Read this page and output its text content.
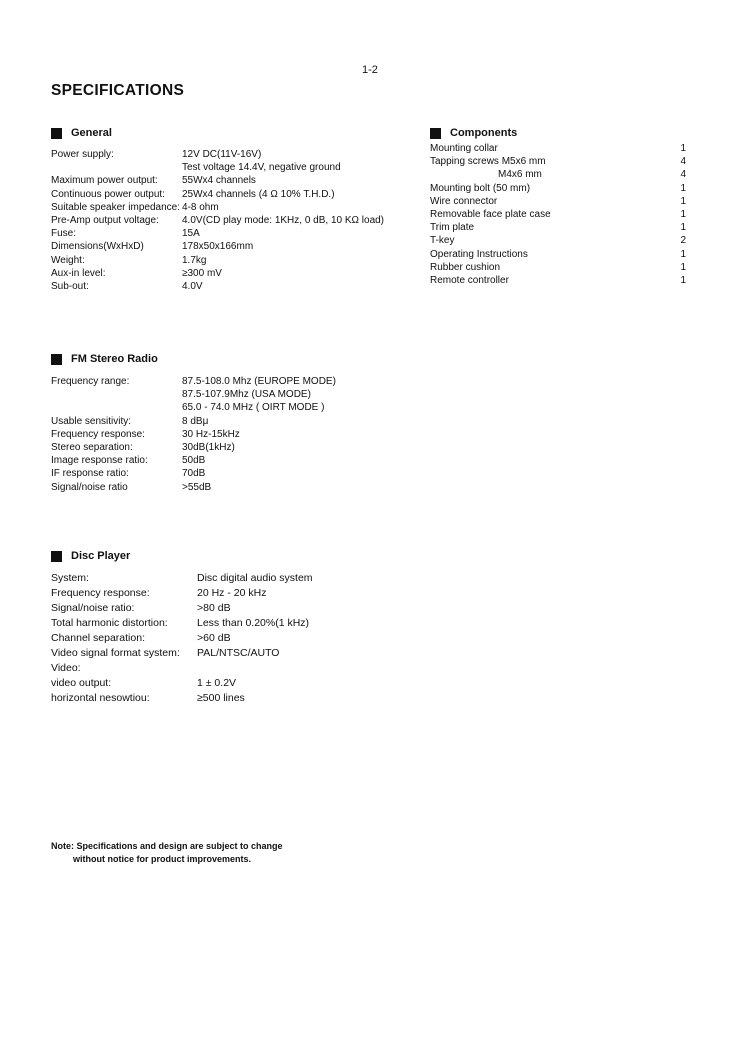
1-2
SPECIFICATIONS
General
Power supply:	12V DC(11V-16V)
Test voltage 14.4V, negative ground
Maximum power output: 55Wx4 channels
Continuous power output: 25Wx4 channels (4 Ω 10% T.H.D.)
Suitable speaker impedance: 4-8 ohm
Pre-Amp output voltage: 4.0V(CD play mode: 1KHz, 0 dB, 10 KΩ load)
Fuse:	15A
Dimensions(WxHxD)	178x50x166mm
Weight:	1.7kg
Aux-in level:	≥300 mV
Sub-out:	4.0V
Components
Mounting collar	1
Tapping screws M5x6 mm	4
M4x6 mm	4
Mounting bolt (50 mm)	1
Wire connector	1
Removable face plate case	1
Trim plate	1
T-key	2
Operating Instructions	1
Rubber cushion	1
Remote controller	1
FM Stereo Radio
Frequency range:	87.5-108.0 Mhz (EUROPE MODE)
87.5-107.9Mhz (USA MODE)
65.0 - 74.0 MHz ( OIRT MODE )
Usable sensitivity:	8 dBμ
Frequency response:	30 Hz-15kHz
Stereo separation:	30dB(1kHz)
Image response ratio:	50dB
IF response ratio:	70dB
Signal/noise ratio	>55dB
Disc Player
System:	Disc digital audio system
Frequency response:	20 Hz - 20 kHz
Signal/noise ratio:	>80 dB
Total harmonic distortion:	Less than 0.20%(1 kHz)
Channel separation:	>60 dB
Video signal format system: PAL/NTSC/AUTO
Video:
video output:	1 ± 0.2V
horizontal nesowtiou:	≥500 lines
Note: Specifications and design are subject to change
without notice for product improvements.
